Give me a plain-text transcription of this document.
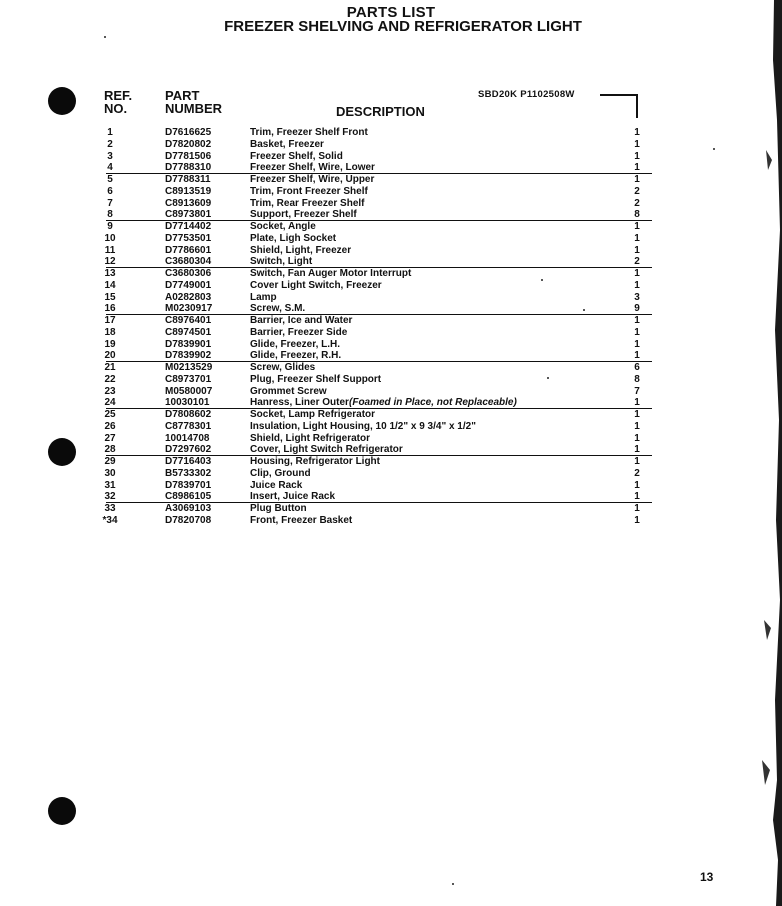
PARTS LIST
FREEZER SHELVING AND REFRIGERATOR LIGHT
REF.
NO.
PART
NUMBER	DESCRIPTION
SBD20K P1102508W
1	D7616625	Trim, Freezer Shelf Front	1
2	D7820802	Basket, Freezer	1
3	D7781506	Freezer Shelf, Solid	1
4	D7788310	Freezer Shelf, Wire, Lower	1
5	D7788311	Freezer Shelf, Wire, Upper	1
6	C8913519	Trim, Front Freezer Shelf	2
7	C8913609	Trim, Rear Freezer Shelf	2
8	C8973801	Support, Freezer Shelf	8
9	D7714402	Socket, Angle	1
10	D7753501	Plate, Ligh Socket	1
11	D7786601	Shield, Light, Freezer	1
12	C3680304	Switch, Light	2
13	C3680306	Switch, Fan Auger Motor Interrupt	1
14	D7749001	Cover Light Switch, Freezer	1
15	A0282803	Lamp	3
16	M0230917	Screw, S.M.	9
17	C8976401	Barrier, Ice and Water	1
18	C8974501	Barrier, Freezer Side	1
19	D7839901	Glide, Freezer, L.H.	1
20	D7839902	Glide, Freezer, R.H.	1
21	M0213529	Screw, Glides	6
22	C8973701	Plug, Freezer Shelf Support	8
23	M0580007	Grommet Screw	7
24	10030101	Hanress, Liner Outer	1
(Foamed in Place, not Replaceable)
25	D7808602	Socket, Lamp Refrigerator	1
26	C8778301	Insulation, Light Housing, 10 1/2" x 9 3/4" x 1/2"	1
27	10014708	Shield, Light Refrigerator	1
28	D7297602	Cover, Light Switch Refrigerator	1
29	D7716403	Housing, Refrigerator Light	1
30	B5733302	Clip, Ground	2
31	D7839701	Juice Rack	1
32	C8986105	Insert, Juice Rack	1
33	A3069103	Plug Button	1
*34	D7820708	Front, Freezer Basket	1
13
